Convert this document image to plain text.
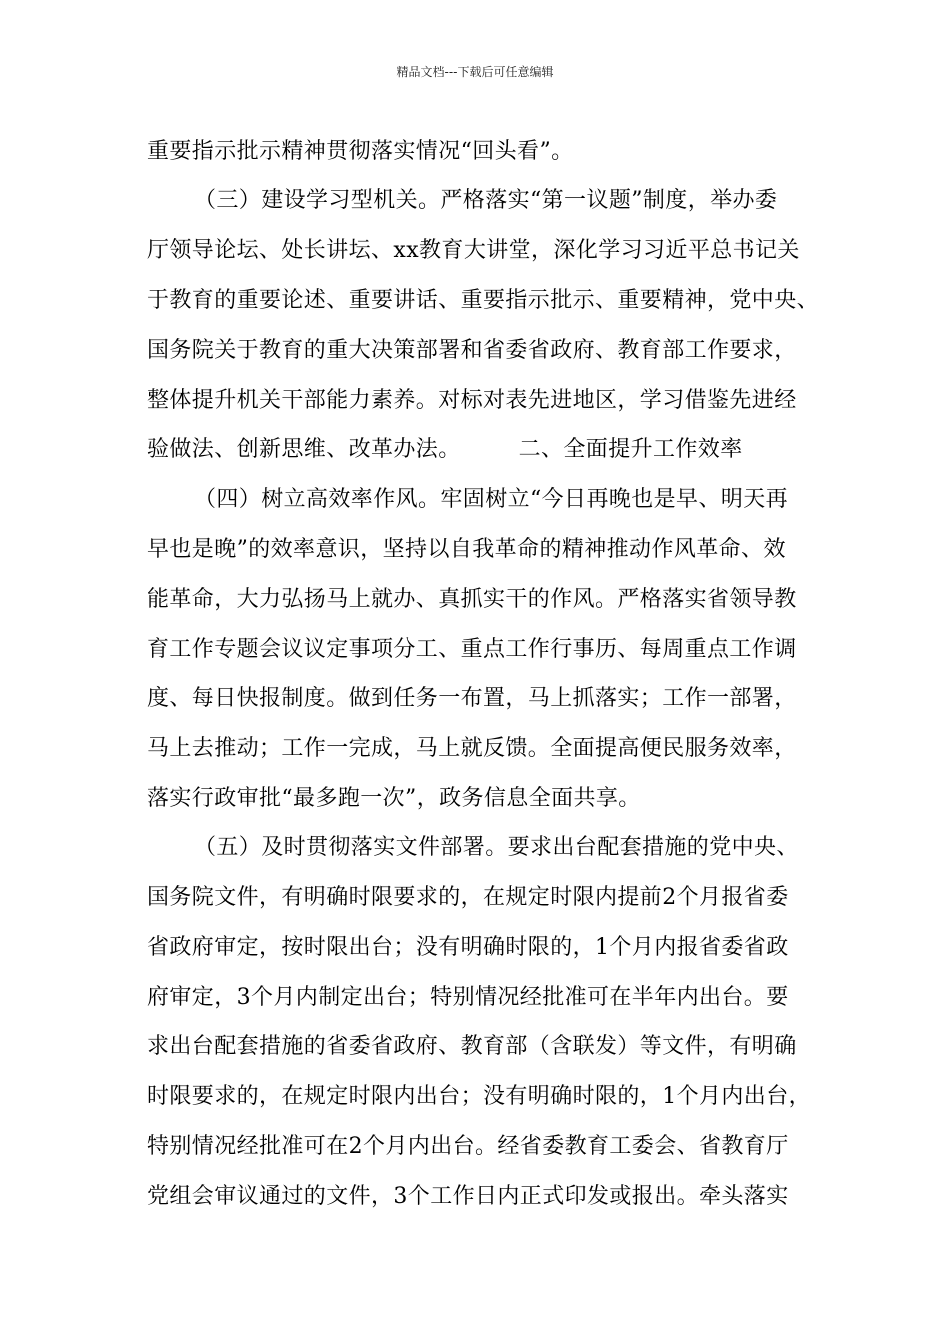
精品文档---下载后可任意编辑
重要指示批示精神贯彻落实情况“回头看”。
（三）建设学习型机关。严格落实“第一议题”制度，举办委
厅领导论坛、处长讲坛、xx教育大讲堂，深化学习习近平总书记关
于教育的重要论述、重要讲话、重要指示批示、重要精神，党中央、
国务院关于教育的重大决策部署和省委省政府、教育部工作要求，
整体提升机关干部能力素养。对标对表先进地区，学习借鉴先进经
验做法、创新思维、改革办法。	二、全面提升工作效率
（四）树立高效率作风。牢固树立“今日再晚也是早、明天再
早也是晚”的效率意识，坚持以自我革命的精神推动作风革命、效
能革命，大力弘扬马上就办、真抓实干的作风。严格落实省领导教
育工作专题会议议定事项分工、重点工作行事历、每周重点工作调
度、每日快报制度。做到任务一布置，马上抓落实；工作一部署，
马上去推动；工作一完成，马上就反馈。全面提高便民服务效率，
落实行政审批“最多跑一次”，政务信息全面共享。
（五）及时贯彻落实文件部署。要求出台配套措施的党中央、
国务院文件，有明确时限要求的，在规定时限内提前2个月报省委
省政府审定，按时限出台；没有明确时限的，1个月内报省委省政
府审定，3个月内制定出台；特别情况经批准可在半年内出台。要
求出台配套措施的省委省政府、教育部（含联发）等文件，有明确
时限要求的，在规定时限内出台；没有明确时限的，1个月内出台，
特别情况经批准可在2个月内出台。经省委教育工委会、省教育厅
党组会审议通过的文件，3个工作日内正式印发或报出。牵头落实
